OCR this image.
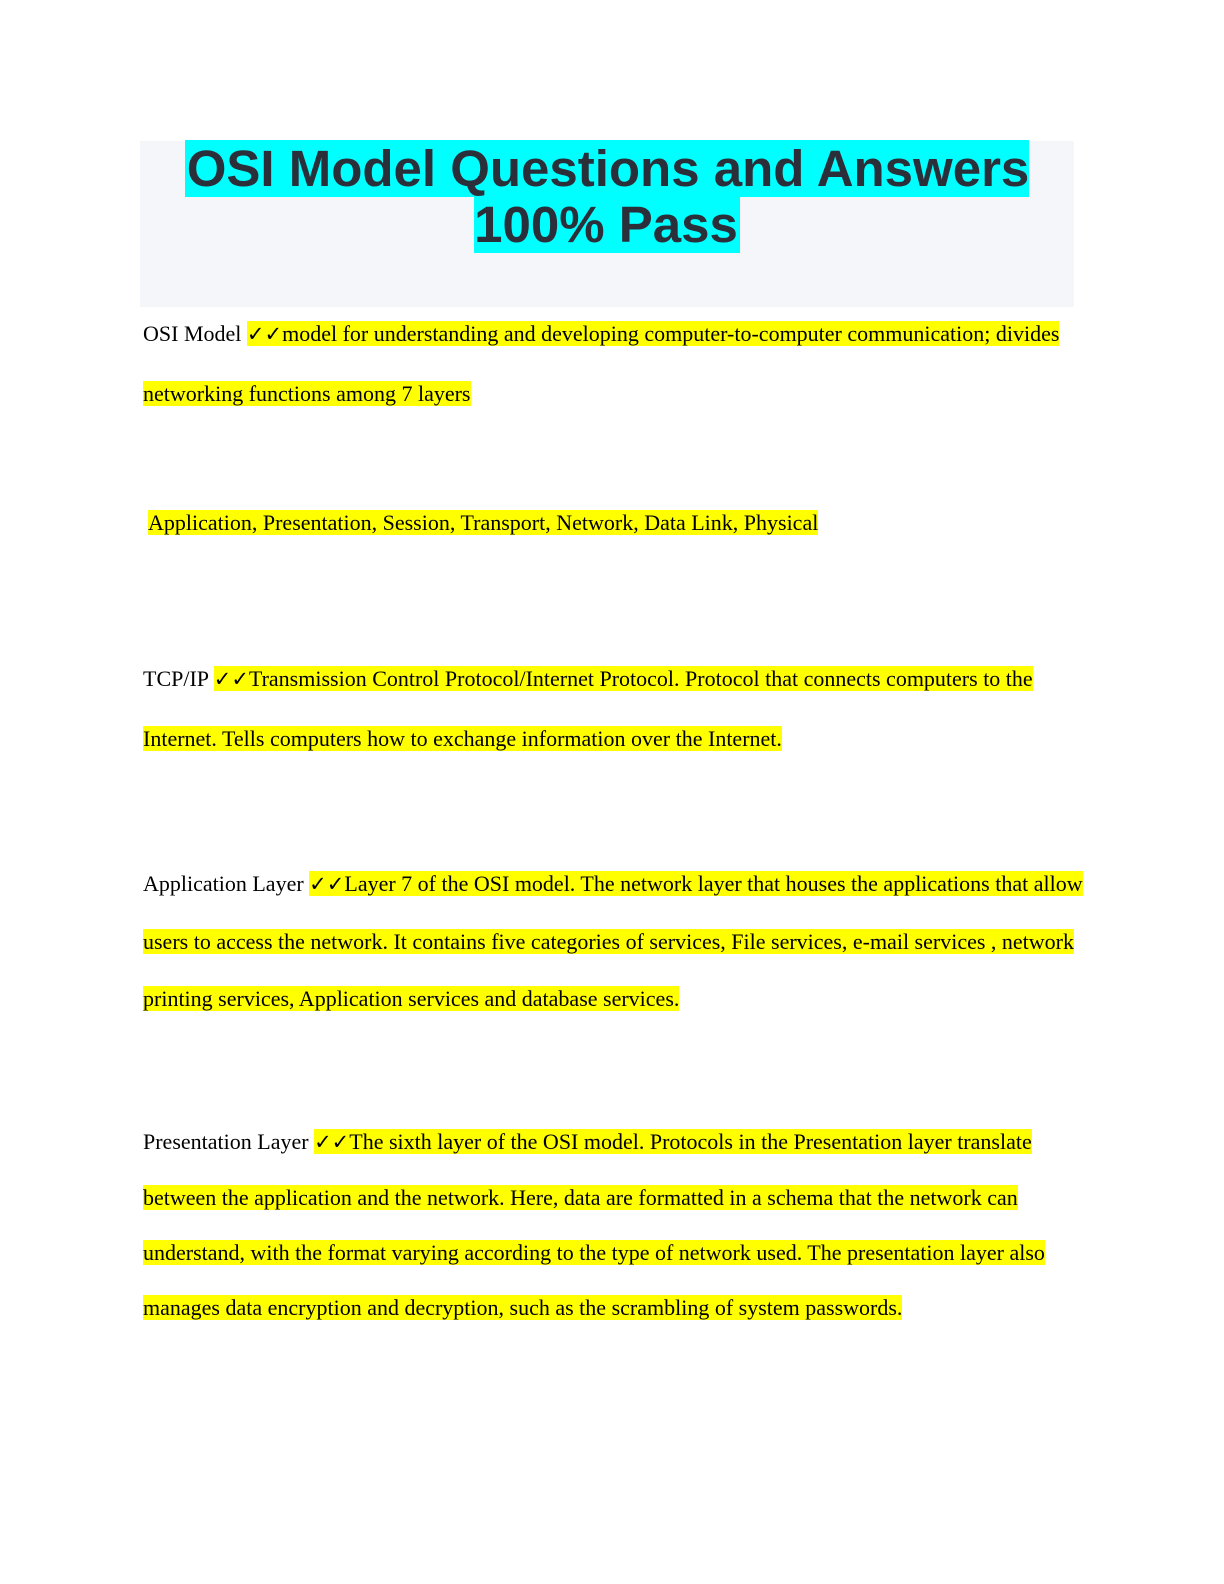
OSI Model Questions and Answers 100% Pass
OSI Model ✓✓model for understanding and developing computer-to-computer communication; divides networking functions among 7 layers
Application, Presentation, Session, Transport, Network, Data Link, Physical
TCP/IP ✓✓Transmission Control Protocol/Internet Protocol. Protocol that connects computers to the Internet. Tells computers how to exchange information over the Internet.
Application Layer ✓✓Layer 7 of the OSI model. The network layer that houses the applications that allow users to access the network. It contains five categories of services, File services, e-mail services , network printing services, Application services and database services.
Presentation Layer ✓✓The sixth layer of the OSI model. Protocols in the Presentation layer translate between the application and the network. Here, data are formatted in a schema that the network can understand, with the format varying according to the type of network used. The presentation layer also manages data encryption and decryption, such as the scrambling of system passwords.
